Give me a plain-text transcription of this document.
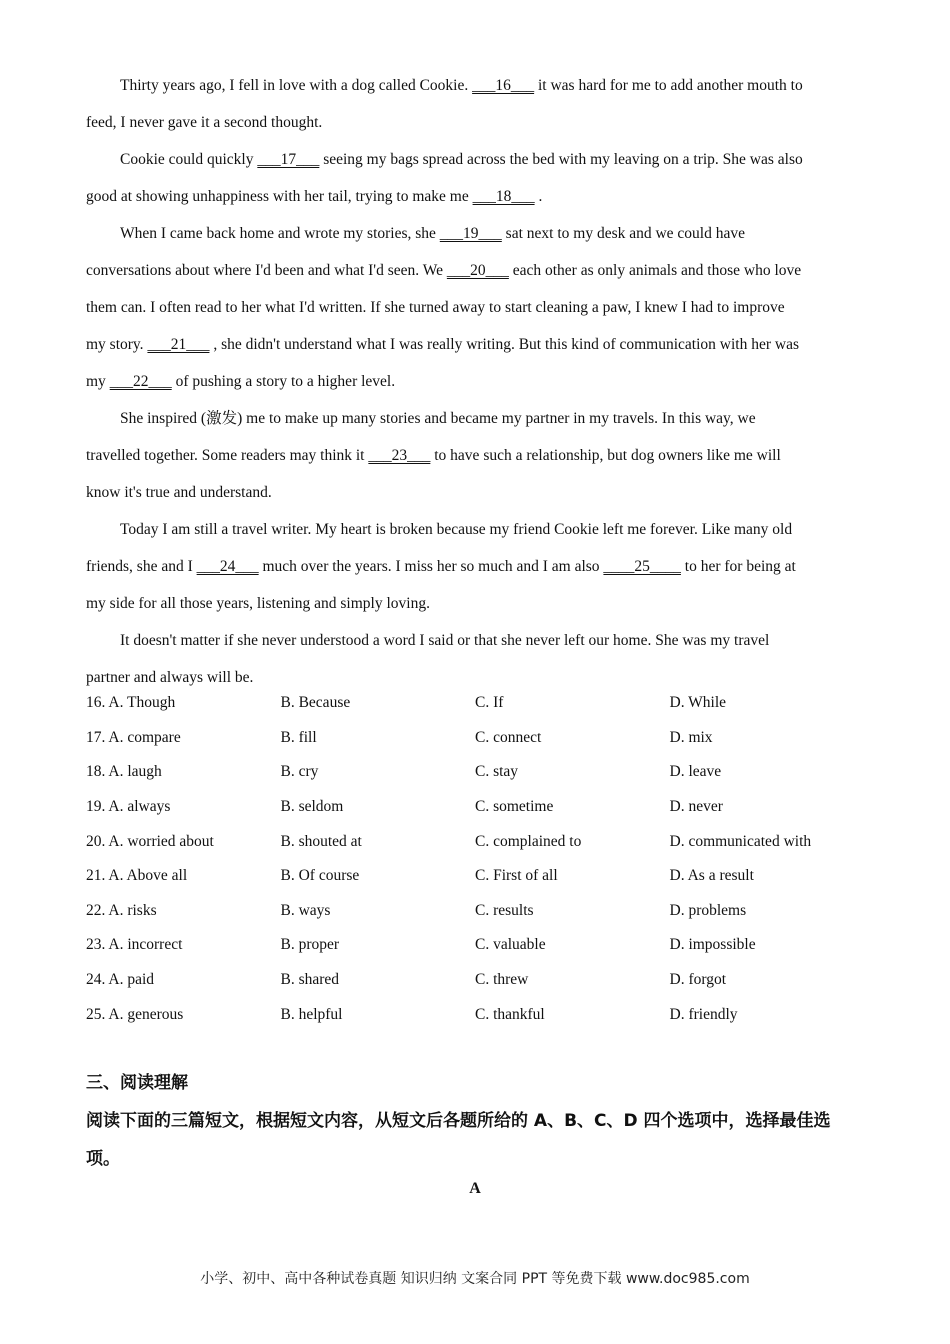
Thirty years ago, I fell in love with a dog called Cookie. ___16___ it was hard for me to add another mouth to
feed, I never gave it a second thought.
Cookie could quickly ___17___ seeing my bags spread across the bed with my leaving on a trip. She was also
good at showing unhappiness with her tail, trying to make me ___18___ .
When I came back home and wrote my stories, she ___19___ sat next to my desk and we could have
conversations about where I'd been and what I'd seen. We ___20___ each other as only animals and those who love
them can. I often read to her what I'd written. If she turned away to start cleaning a paw, I knew I had to improve
my story. ___21___ , she didn't understand what I was really writing. But this kind of communication with her was
my ___22___ of pushing a story to a higher level.
She inspired (激发) me to make up many stories and became my partner in my travels. In this way, we
travelled together. Some readers may think it ___23___ to have such a relationship, but dog owners like me will
know it's true and understand.
Today I am still a travel writer. My heart is broken because my friend Cookie left me forever. Like many old
friends, she and I ___24___ much over the years. I miss her so much and I am also ____25____ to her for being at
my side for all those years, listening and simply loving.
It doesn't matter if she never understood a word I said or that she never left our home. She was my travel
partner and always will be.
16. A. Though	B. Because	C. If	D. While
17. A. compare	B. fill	C. connect	D. mix
18. A. laugh	B. cry	C. stay	D. leave
19. A. always	B. seldom	C. sometime	D. never
20. A. worried about	B. shouted at	C. complained to	D. communicated with
21. A. Above all	B. Of course	C. First of all	D. As a result
22. A. risks	B. ways	C. results	D. problems
23. A. incorrect	B. proper	C. valuable	D. impossible
24. A. paid	B. shared	C. threw	D. forgot
25. A. generous	B. helpful	C. thankful	D. friendly
三、阅读理解
阅读下面的三篇短文，根据短文内容，从短文后各题所给的 A、B、C、D 四个选项中，选择最佳选项。
A
小学、初中、高中各种试卷真题 知识归纳 文案合同 PPT 等免费下载 www.doc985.com
